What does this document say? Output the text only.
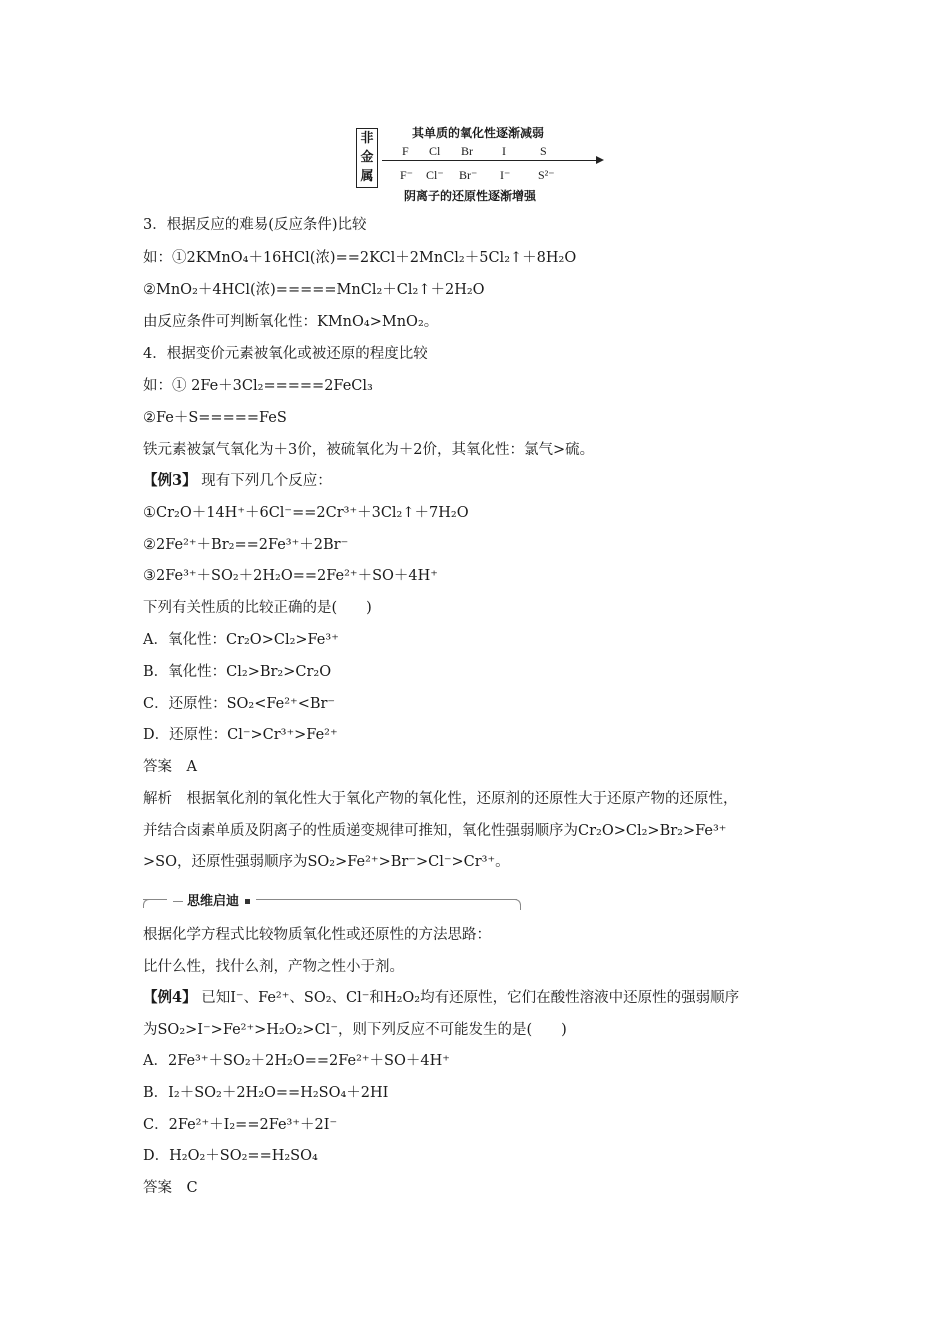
非
金
属
其单质的氧化性逐渐减弱
F Cl Br I	S
F⁻ Cl⁻ Br⁻ I⁻ S²⁻
阴离子的还原性逐渐增强
3．根据反应的难易(反应条件)比较
如：①2KMnO₄＋16HCl(浓)==2KCl＋2MnCl₂＋5Cl₂↑＋8H₂O
②MnO₂＋4HCl(浓)=====MnCl₂＋Cl₂↑＋2H₂O
由反应条件可判断氧化性：KMnO₄>MnO₂。
4．根据变价元素被氧化或被还原的程度比较
如：① 2Fe＋3Cl₂=====2FeCl₃
②Fe＋S=====FeS
铁元素被氯气氧化为＋3价，被硫氧化为＋2价，其氧化性：氯气>硫。
【例3】 现有下列几个反应：
①Cr₂O＋14H⁺＋6Cl⁻==2Cr³⁺＋3Cl₂↑＋7H₂O
②2Fe²⁺＋Br₂==2Fe³⁺＋2Br⁻
③2Fe³⁺＋SO₂＋2H₂O==2Fe²⁺＋SO＋4H⁺
下列有关性质的比较正确的是(　　)
A．氧化性：Cr₂O>Cl₂>Fe³⁺
B．氧化性：Cl₂>Br₂>Cr₂O
C．还原性：SO₂<Fe²⁺<Br⁻
D．还原性：Cl⁻>Cr³⁺>Fe²⁺
答案　A
解析　根据氧化剂的氧化性大于氧化产物的氧化性，还原剂的还原性大于还原产物的还原性，
并结合卤素单质及阴离子的性质递变规律可推知，氧化性强弱顺序为Cr₂O>Cl₂>Br₂>Fe³⁺
>SO，还原性强弱顺序为SO₂>Fe²⁺>Br⁻>Cl⁻>Cr³⁺。
思维启迪
根据化学方程式比较物质氧化性或还原性的方法思路：
比什么性，找什么剂，产物之性小于剂。
【例4】 已知I⁻、Fe²⁺、SO₂、Cl⁻和H₂O₂均有还原性，它们在酸性溶液中还原性的强弱顺序
为SO₂>I⁻>Fe²⁺>H₂O₂>Cl⁻，则下列反应不可能发生的是(　　)
A．2Fe³⁺＋SO₂＋2H₂O==2Fe²⁺＋SO＋4H⁺
B．I₂＋SO₂＋2H₂O==H₂SO₄＋2HI
C．2Fe²⁺＋I₂==2Fe³⁺＋2I⁻
D．H₂O₂＋SO₂==H₂SO₄
答案　C
